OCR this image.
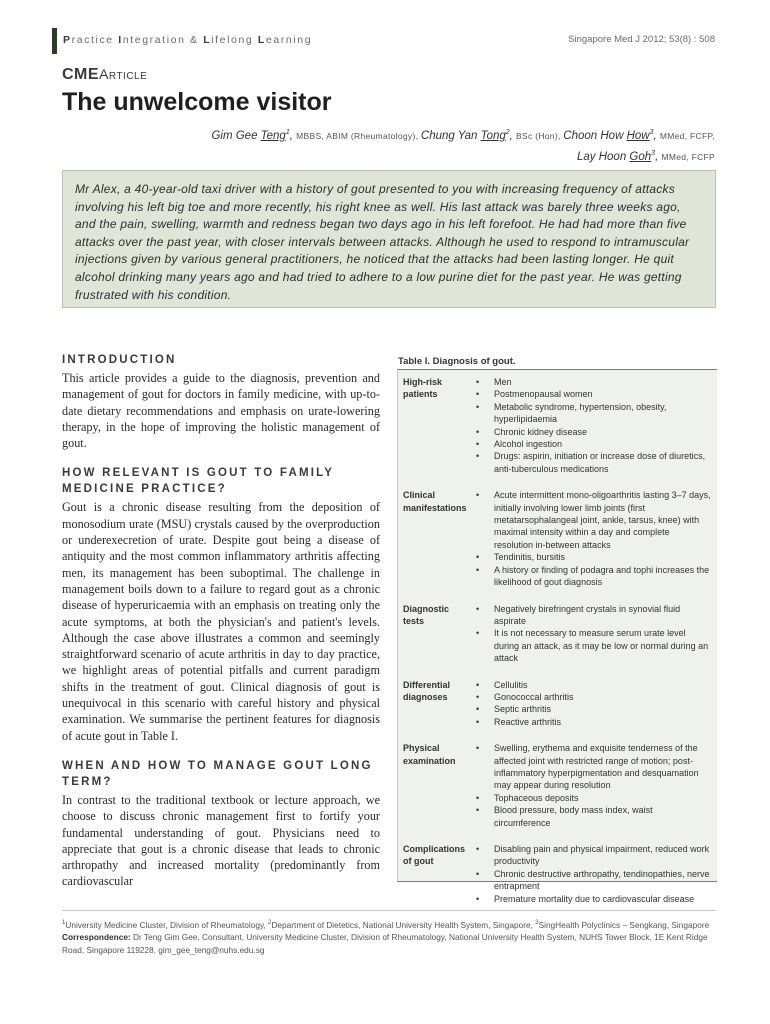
Practice Integration & Lifelong Learning	Singapore Med J 2012; 53(8) : 508
CMEArticle
The unwelcome visitor
Gim Gee Teng$^1$, MBBS, ABIM (Rheumatology), Chung Yan Tong$^2$, BSc (Hon), Choon How How$^3$, MMed, FCFP,
Lay Hoon Goh$^3$, MMed, FCFP
Mr Alex, a 40-year-old taxi driver with a history of gout presented to you with increasing frequency of attacks involving his left big toe and more recently, his right knee as well. His last attack was barely three weeks ago, and the pain, swelling, warmth and redness began two days ago in his left forefoot. He had had more than five attacks over the past year, with closer intervals between attacks. Although he used to respond to intramuscular injections given by various general practitioners, he noticed that the attacks had been lasting longer. He quit alcohol drinking many years ago and had tried to adhere to a low purine diet for the past year. He was getting frustrated with his condition.
INTRODUCTION
This article provides a guide to the diagnosis, prevention and management of gout for doctors in family medicine, with up-to-date dietary recommendations and emphasis on urate-lowering therapy, in the hope of improving the holistic management of gout.
HOW RELEVANT IS GOUT TO FAMILY MEDICINE PRACTICE?
Gout is a chronic disease resulting from the deposition of monosodium urate (MSU) crystals caused by the overproduction or underexecretion of urate. Despite gout being a disease of antiquity and the most common inflammatory arthritis affecting men, its management has been suboptimal. The challenge in management boils down to a failure to regard gout as a chronic disease of hyperuricaemia with an emphasis on treating only the acute symptoms, at both the physician's and patient's levels. Although the case above illustrates a common and seemingly straightforward scenario of acute arthritis in day to day practice, we highlight areas of potential pitfalls and current paradigm shifts in the treatment of gout. Clinical diagnosis of gout is unequivocal in this scenario with careful history and physical examination. We summarise the pertinent features for diagnosis of acute gout in Table I.
WHEN AND HOW TO MANAGE GOUT LONG TERM?
In contrast to the traditional textbook or lecture approach, we choose to discuss chronic management first to fortify your fundamental understanding of gout. Physicians need to appreciate that gout is a chronic disease that leads to chronic arthropathy and increased mortality (predominantly from cardiovascular
Table I. Diagnosis of gout.
High-risk patients
• Men
• Postmenopausal women
• Metabolic syndrome, hypertension, obesity, hyperlipidaemia
• Chronic kidney disease
• Alcohol ingestion
• Drugs: aspirin, initiation or increase dose of diuretics, anti-tuberculous medications
Clinical manifestations
• Acute intermittent mono-oligoarthritis lasting 3–7 days, initially involving lower limb joints (first metatarsophalangeal joint, ankle, tarsus, knee) with maximal intensity within a day and complete resolution in-between attacks
• Tendinitis, bursitis
• A history or finding of podagra and tophi increases the likelihood of gout diagnosis
Diagnostic tests
• Negatively birefringent crystals in synovial fluid aspirate
• It is not necessary to measure serum urate level during an attack, as it may be low or normal during an attack
Differential diagnoses
• Cellulitis
• Gonococcal arthritis
• Septic arthritis
• Reactive arthritis
Physical examination
• Swelling, erythema and exquisite tenderness of the affected joint with restricted range of motion; post-inflammatory hyperpigmentation and desquamation may appear during resolution
• Tophaceous deposits
• Blood pressure, body mass index, waist circumference
Complications of gout
• Disabling pain and physical impairment, reduced work productivity
• Chronic destructive arthropathy, tendinopathies, nerve entrapment
• Premature mortality due to cardiovascular disease
$^1$University Medicine Cluster, Division of Rheumatology, $^2$Department of Dietetics, National University Health System, Singapore, $^3$SingHealth Polyclinics – Sengkang, Singapore
Correspondence: Dr Teng Gim Gee, Consultant, University Medicine Cluster, Division of Rheumatology, National University Health System, NUHS Tower Block, 1E Kent Ridge Road, Singapore 119228. gim_gee_teng@nuhs.edu.sg
